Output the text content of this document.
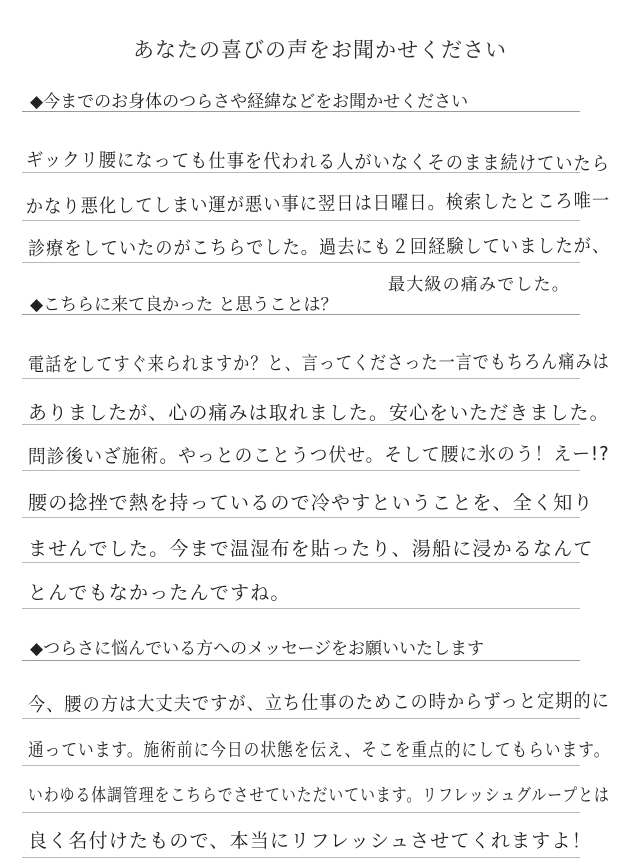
あなたの喜びの声をお聞かせください
◆今までのお身体のつらさや経緯などをお聞かせください
ギックリ腰になっても仕事を代われる人がいなくそのまま続けていたら
かなり悪化してしまい運が悪い事に翌日は日曜日。検索したところ唯一
診療をしていたのがこちらでした。過去にも２回経験していましたが、
最大級の痛みでした。
◆こちらに来て良かった と思うことは？
電話をしてすぐ来られますか？と、言ってくださった一言でもちろん痛みは
ありましたが、心の痛みは取れました。安心をいただきました。
問診後いざ施術。やっとのことうつ伏せ。そして腰に氷のう！えー!?
腰の捻挫で熱を持っているので冷やすということを、全く知り
ませんでした。今まで温湿布を貼ったり、湯船に浸かるなんて
とんでもなかったんですね。
◆つらさに悩んでいる方へのメッセージをお願いいたします
今、腰の方は大丈夫ですが、立ち仕事のためこの時からずっと定期的に
通っています。施術前に今日の状態を伝え、そこを重点的にしてもらいます。
いわゆる体調管理をこちらでさせていただいています。リフレッシュグループとは
良く名付けたもので、本当にリフレッシュさせてくれますよ！
